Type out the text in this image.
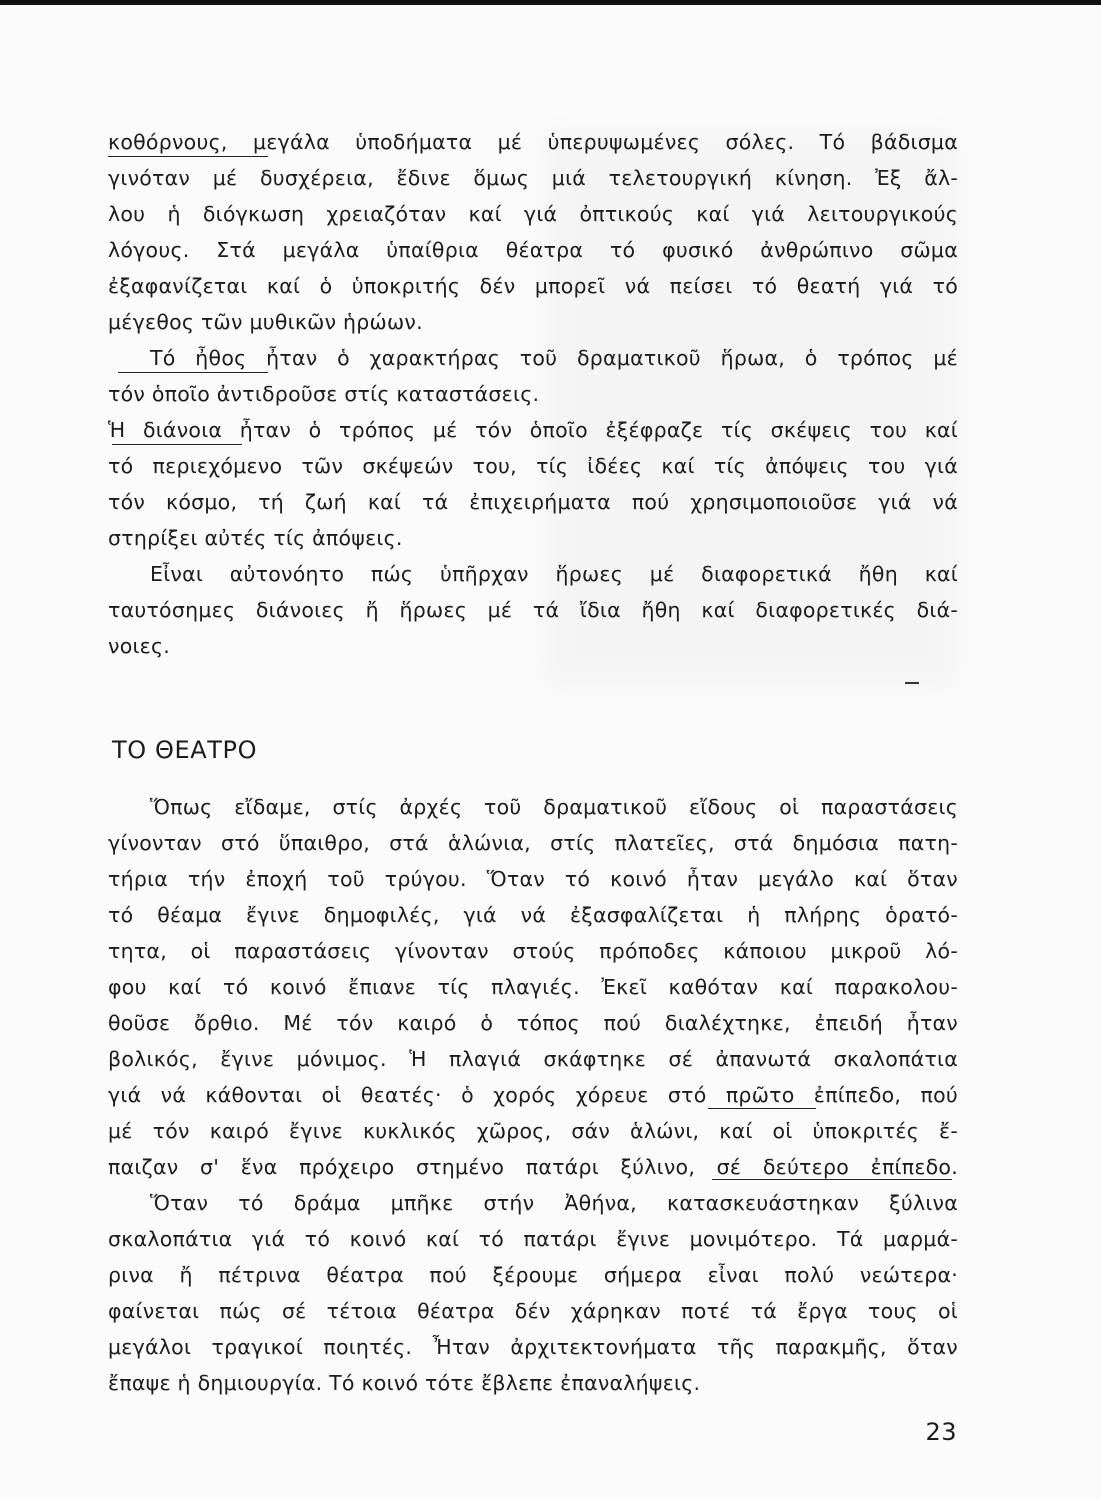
κοθόρνους, μεγάλα ὑποδήματα μέ ὑπερυψωμένες σόλες. Τό βάδισμα
γινόταν μέ δυσχέρεια, ἔδινε ὅμως μιά τελετουργική κίνηση. Ἐξ ἄλ-
λου ἡ διόγκωση χρειαζόταν καί γιά ὀπτικούς καί γιά λειτουργικούς
λόγους. Στά μεγάλα ὑπαίθρια θέατρα τό φυσικό ἀνθρώπινο σῶμα
ἐξαφανίζεται καί ὁ ὑποκριτής δέν μπορεῖ νά πείσει τό θεατή γιά τό
μέγεθος τῶν μυθικῶν ἡρώων.
Τό ἦθος ἦταν ὁ χαρακτήρας τοῦ δραματικοῦ ἥρωα, ὁ τρόπος μέ
τόν ὁποῖο ἀντιδροῦσε στίς καταστάσεις.
Ἡ διάνοια ἦταν ὁ τρόπος μέ τόν ὁποῖο ἐξέφραζε τίς σκέψεις του καί
τό περιεχόμενο τῶν σκέψεών του, τίς ἰδέες καί τίς ἀπόψεις του γιά
τόν κόσμο, τή ζωή καί τά ἐπιχειρήματα πού χρησιμοποιοῦσε γιά νά
στηρίξει αὐτές τίς ἀπόψεις.
Εἶναι αὐτονόητο πώς ὑπῆρχαν ἥρωες μέ διαφορετικά ἤθη καί
ταυτόσημες διάνοιες ἤ ἥρωες μέ τά ἴδια ἤθη καί διαφορετικές διά-
νοιες.
ΤΟ ΘΕΑΤΡΟ
Ὅπως εἴδαμε, στίς ἀρχές τοῦ δραματικοῦ εἴδους οἱ παραστάσεις
γίνονταν στό ὕπαιθρο, στά ἁλώνια, στίς πλατεῖες, στά δημόσια πατη-
τήρια τήν ἐποχή τοῦ τρύγου. Ὅταν τό κοινό ἦταν μεγάλο καί ὅταν
τό θέαμα ἔγινε δημοφιλές, γιά νά ἐξασφαλίζεται ἡ πλήρης ὁρατό-
τητα, οἱ παραστάσεις γίνονταν στούς πρόποδες κάποιου μικροῦ λό-
φου καί τό κοινό ἔπιανε τίς πλαγιές. Ἐκεῖ καθόταν καί παρακολου-
θοῦσε ὄρθιο. Μέ τόν καιρό ὁ τόπος πού διαλέχτηκε, ἐπειδή ἦταν
βολικός, ἔγινε μόνιμος. Ἡ πλαγιά σκάφτηκε σέ ἀπανωτά σκαλοπάτια
γιά νά κάθονται οἱ θεατές· ὁ χορός χόρευε στό πρῶτο ἐπίπεδο, πού
μέ τόν καιρό ἔγινε κυκλικός χῶρος, σάν ἁλώνι, καί οἱ ὑποκριτές ἔ-
παιζαν σ' ἕνα πρόχειρο στημένο πατάρι ξύλινο, σέ δεύτερο ἐπίπεδο.
Ὅταν τό δράμα μπῆκε στήν Ἀθήνα, κατασκευάστηκαν ξύλινα
σκαλοπάτια γιά τό κοινό καί τό πατάρι ἔγινε μονιμότερο. Τά μαρμά-
ρινα ἤ πέτρινα θέατρα πού ξέρουμε σήμερα εἶναι πολύ νεώτερα·
φαίνεται πώς σέ τέτοια θέατρα δέν χάρηκαν ποτέ τά ἔργα τους οἱ
μεγάλοι τραγικοί ποιητές. Ἦταν ἀρχιτεκτονήματα τῆς παρακμῆς, ὅταν
ἔπαψε ἡ δημιουργία. Τό κοινό τότε ἔβλεπε ἐπαναλήψεις.
23
